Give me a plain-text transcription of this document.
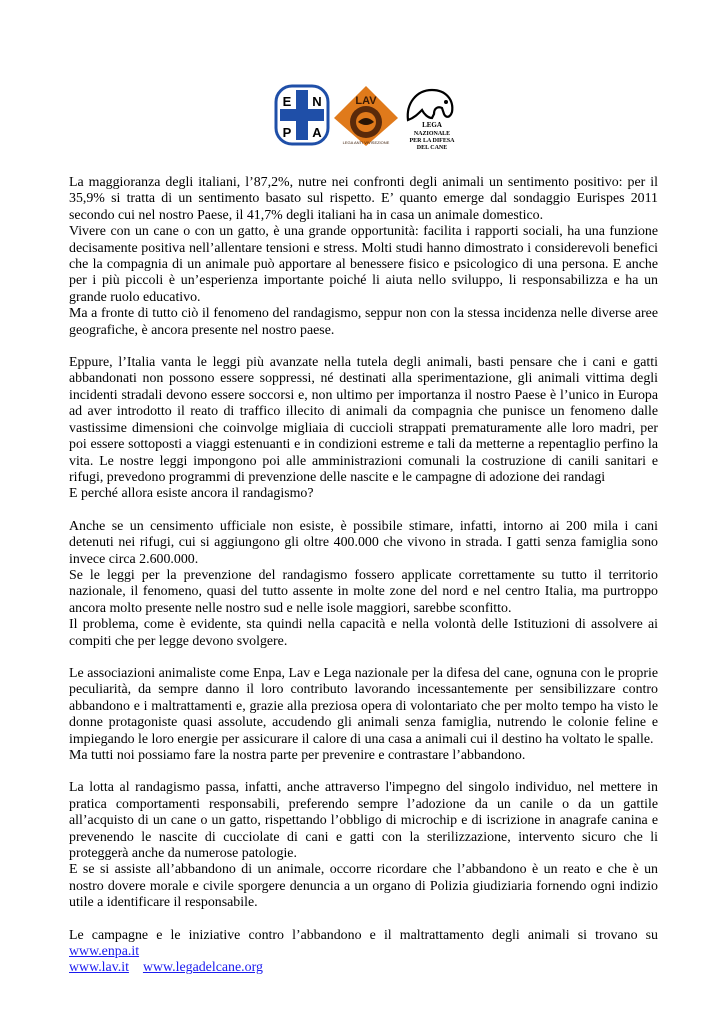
E N
P A
LAV
LEGA ANTI VIVISEZIONE
LEGA
NAZIONALE
PER LA DIFESA
DEL CANE

La maggioranza degli italiani, l’87,2%, nutre nei confronti degli animali un sentimento positivo: per il 35,9% si tratta di un sentimento basato sul rispetto. E’ quanto emerge dal sondaggio Eurispes 2011 secondo cui nel nostro Paese, il 41,7% degli italiani ha in casa un animale domestico.

Vivere con un cane o con un gatto, è una grande opportunità: facilita i rapporti sociali, ha una funzione decisamente positiva nell’allentare tensioni e stress. Molti studi hanno dimostrato i considerevoli benefici che la compagnia di un animale può apportare al benessere fisico e psicologico di una persona. E anche per i più piccoli è un’esperienza importante poiché li aiuta nello sviluppo, li responsabilizza e ha un grande ruolo educativo.

Ma a fronte di tutto ciò il fenomeno del randagismo, seppur non con la stessa incidenza nelle diverse aree geografiche, è ancora presente nel nostro paese.

Eppure, l’Italia vanta le leggi più avanzate nella tutela degli animali, basti pensare che i cani e gatti abbandonati non possono essere soppressi, né destinati alla sperimentazione, gli animali vittima degli incidenti stradali devono essere soccorsi e, non ultimo per importanza il nostro Paese è l’unico in Europa ad aver introdotto il reato di traffico illecito di animali da compagnia che punisce un fenomeno dalle vastissime dimensioni che coinvolge migliaia di cuccioli strappati prematuramente alle loro madri, per poi essere sottoposti a viaggi estenuanti e in condizioni estreme e tali da metterne a repentaglio perfino la vita. Le nostre leggi impongono poi alle amministrazioni comunali la costruzione di canili sanitari e rifugi, prevedono programmi di prevenzione delle nascite e le campagne di adozione dei randagi

E perché allora esiste ancora il randagismo?

Anche se un censimento ufficiale non esiste, è possibile stimare, infatti, intorno ai 200 mila i cani detenuti nei rifugi, cui si aggiungono gli oltre 400.000 che vivono in strada. I gatti senza famiglia sono invece circa 2.600.000.

Se le leggi per la prevenzione del randagismo fossero applicate correttamente su tutto il territorio nazionale, il fenomeno, quasi del tutto assente in molte zone del nord e nel centro Italia, ma purtroppo ancora molto presente nelle nostro sud e nelle isole maggiori, sarebbe sconfitto.

Il problema, come è evidente, sta quindi nella capacità e nella volontà delle Istituzioni di assolvere ai compiti che per legge devono svolgere.

Le associazioni animaliste come Enpa, Lav e Lega nazionale per la difesa del cane, ognuna con le proprie peculiarità, da sempre danno il loro contributo lavorando incessantemente per sensibilizzare contro abbandono e i maltrattamenti e, grazie alla preziosa opera di volontariato che per molto tempo ha visto le donne protagoniste quasi assolute, accudendo gli animali senza famiglia, nutrendo le colonie feline e impiegando le loro energie per assicurare il calore di una casa a animali cui il destino ha voltato le spalle.

Ma tutti noi possiamo fare la nostra parte per prevenire e contrastare l’abbandono.

La lotta al randagismo passa, infatti, anche attraverso l'impegno del singolo individuo, nel mettere in pratica comportamenti responsabili, preferendo sempre l’adozione da un canile o da un gattile all’acquisto di un cane o un gatto, rispettando l’obbligo di microchip e di iscrizione in anagrafe canina e prevenendo le nascite di cucciolate di cani e gatti con la sterilizzazione, intervento sicuro che li proteggerà anche da numerose patologie.

E se si assiste all’abbandono di un animale, occorre ricordare che l’abbandono è un reato e che è un nostro dovere morale e civile sporgere denuncia a un organo di Polizia giudiziaria fornendo ogni indizio utile a identificare il responsabile.

Le campagne e le iniziative contro l’abbandono e il maltrattamento degli animali si trovano su www.enpa.it
www.lav.it www.legadelcane.org
